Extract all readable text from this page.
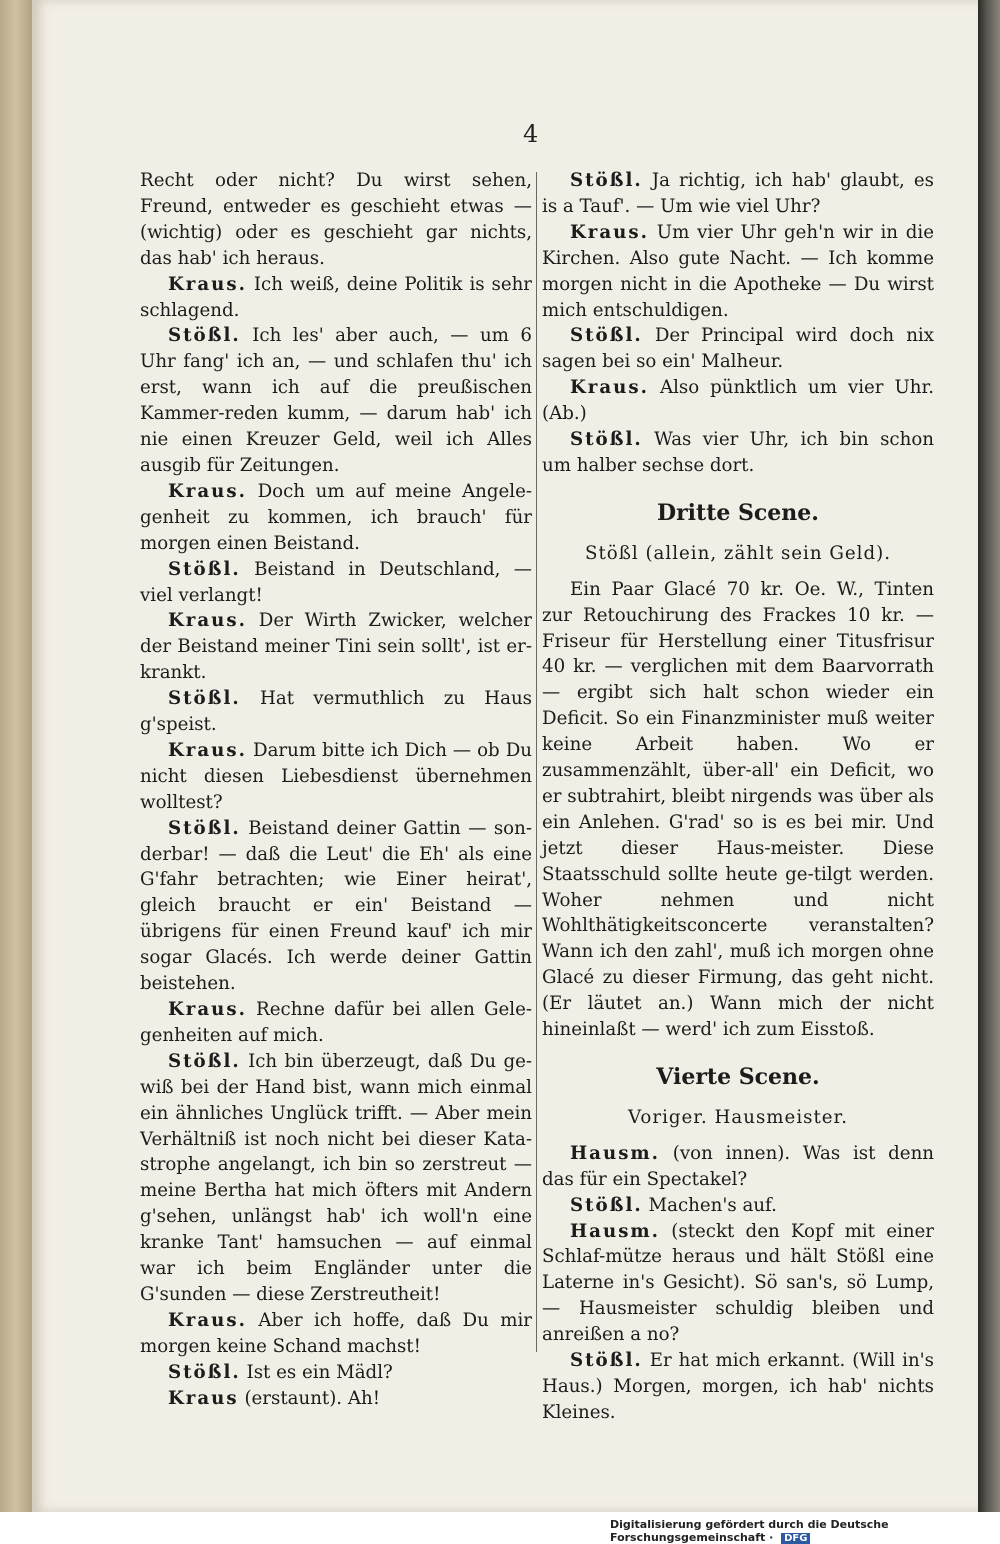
4

Recht oder nicht? Du wirst sehen, Freund, entweder es geschieht etwas — (wichtig) oder es geschieht gar nichts, das hab' ich heraus.

Kraus. Ich weiß, deine Politik is sehr schlagend.

Stößl. Ich les' aber auch, — um 6 Uhr fang' ich an, — und schlafen thu' ich erst, wann ich auf die preußischen Kammer-reden kumm, — darum hab' ich nie einen Kreuzer Geld, weil ich Alles ausgib für Zeitungen.

Kraus. Doch um auf meine Angele-genheit zu kommen, ich brauch' für morgen einen Beistand.

Stößl. Beistand in Deutschland, — viel verlangt!

Kraus. Der Wirth Zwicker, welcher der Beistand meiner Tini sein sollt', ist er-krankt.

Stößl. Hat vermuthlich zu Haus g'speist.

Kraus. Darum bitte ich Dich — ob Du nicht diesen Liebesdienst übernehmen wolltest?

Stößl. Beistand deiner Gattin — son-derbar! — daß die Leut' die Eh' als eine G'fahr betrachten; wie Einer heirat', gleich braucht er ein' Beistand — übrigens für einen Freund kauf' ich mir sogar Glacés. Ich werde deiner Gattin beistehen.

Kraus. Rechne dafür bei allen Gele-genheiten auf mich.

Stößl. Ich bin überzeugt, daß Du ge-wiß bei der Hand bist, wann mich einmal ein ähnliches Unglück trifft. — Aber mein Verhältniß ist noch nicht bei dieser Kata-strophe angelangt, ich bin so zerstreut — meine Bertha hat mich öfters mit Andern g'sehen, unlängst hab' ich woll'n eine kranke Tant' hamsuchen — auf einmal war ich beim Engländer unter die G'sunden — diese Zerstreutheit!

Kraus. Aber ich hoffe, daß Du mir morgen keine Schand machst!

Stößl. Ist es ein Mädl?

Kraus (erstaunt). Ah!

Stößl. Ja richtig, ich hab' glaubt, es is a Tauf'. — Um wie viel Uhr?

Kraus. Um vier Uhr geh'n wir in die Kirchen. Also gute Nacht. — Ich komme morgen nicht in die Apotheke — Du wirst mich entschuldigen.

Stößl. Der Principal wird doch nix sagen bei so ein' Malheur.

Kraus. Also pünktlich um vier Uhr. (Ab.)

Stößl. Was vier Uhr, ich bin schon um halber sechse dort.

Dritte Scene.

Stößl (allein, zählt sein Geld).

Ein Paar Glacé 70 kr. Oe. W., Tinten zur Retouchirung des Frackes 10 kr. — Friseur für Herstellung einer Titusfrisur 40 kr. — verglichen mit dem Baarvorrath — ergibt sich halt schon wieder ein Deficit. So ein Finanzminister muß weiter keine Arbeit haben. Wo er zusammenzählt, über-all' ein Deficit, wo er subtrahirt, bleibt nirgends was über als ein Anlehen. G'rad' so is es bei mir. Und jetzt dieser Haus-meister. Diese Staatsschuld sollte heute ge-tilgt werden. Woher nehmen und nicht Wohlthätigkeitsconcerte veranstalten? Wann ich den zahl', muß ich morgen ohne Glacé zu dieser Firmung, das geht nicht. (Er läutet an.) Wann mich der nicht hineinlaßt — werd' ich zum Eisstoß.

Vierte Scene.

Voriger. Hausmeister.

Hausm. (von innen). Was ist denn das für ein Spectakel?

Stößl. Machen's auf.

Hausm. (steckt den Kopf mit einer Schlaf-mütze heraus und hält Stößl eine Laterne in's Gesicht). Sö san's, sö Lump, — Hausmeister schuldig bleiben und anreißen a no?

Stößl. Er hat mich erkannt. (Will in's Haus.) Morgen, morgen, ich hab' nichts Kleines.

Digitalisierung gefördert durch die Deutsche Forschungsgemeinschaft · DFG
